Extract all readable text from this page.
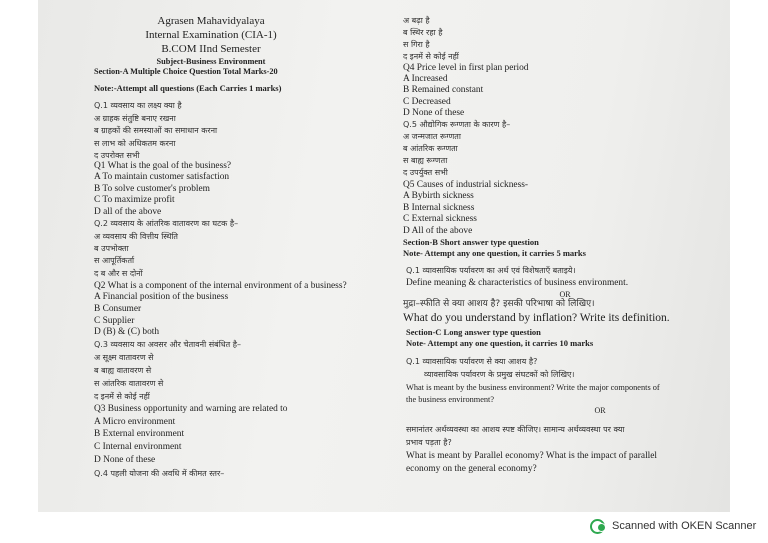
Agrasen Mahavidyalaya
Internal Examination (CIA-1)
B.COM IInd Semester
Subject-Business Environment
Section-A Multiple Choice Question Total Marks-20
Note:-Attempt all questions (Each Carries 1 marks)
Q.1 व्यवसाय का लक्ष्य क्या है
अ ग्राहक संतुष्टि बनाए रखना
ब ग्राहकों की समस्याओं का समाधान करना
स लाभ को अधिकतम करना
द उपरोक्त सभी
Q1 What is the goal of the business?
A To maintain customer satisfaction
B To solve customer's problem
C To maximize profit
D all of the above
Q.2 व्यवसाय के आंतरिक वातावरण का घटक है–
अ व्यवसाय की वित्तीय स्थिति
ब उपभोक्ता
स आपूर्तिकर्ता
द ब और स दोनों
Q2 What is a component of the internal environment of a business?
A Financial position of the business
B Consumer
C Supplier
D (B) & (C) both
Q.3 व्यवसाय का अवसर और चेतावनी संबंधित है–
अ सूक्ष्म वातावरण से
ब बाह्य वातावरण से
स आंतरिक वातावरण से
द इनमें से कोई नहीं
Q3 Business opportunity and warning are related to
A Micro environment
B External environment
C Internal environment
D None of these
Q.4 पहली योजना की अवधि में कीमत स्तर–
अ बढ़ा है
ब स्थिर रहा है
स गिरा है
द इनमें से कोई नहीं
Q4 Price level in first plan period
A Increased
B Remained constant
C Decreased
D None of these
Q.5 औद्योगिक रूग्णता के कारण है–
अ जन्मजात रूग्णता
ब आंतरिक रूग्णता
स बाह्य रूग्णता
द उपर्युक्त सभी
Q5 Causes of industrial sickness-
A Bybirth sickness
B Internal sickness
C External sickness
D All of the above
Section-B Short answer type question
Note- Attempt any one question, it carries 5 marks
Q.1 व्यावसायिक पर्यावरण का अर्थ एवं विशेषताएँ बताइये।
Define meaning & characteristics of business environment.
OR
मुद्रा–स्फीति से क्या आशय है? इसकी परिभाषा को लिखिए।
What do you understand by inflation? Write its definition.
Section-C Long answer type question
Note- Attempt any one question, it carries 10 marks
Q.1 व्यावसायिक पर्यावरण से क्या आशय है?
व्यावसायिक पर्यावरण के प्रमुख संघटकों को लिखिए।
What is meant by the business environment? Write the major components of
the business environment?
OR
समानांतर अर्थव्यवस्था का आशय स्पष्ट कीजिए। सामान्य अर्थव्यवस्था पर क्या
प्रभाव पड़ता है?
What is meant by Parallel economy? What is the impact of parallel
economy on the general economy?
Scanned with OKEN Scanner
